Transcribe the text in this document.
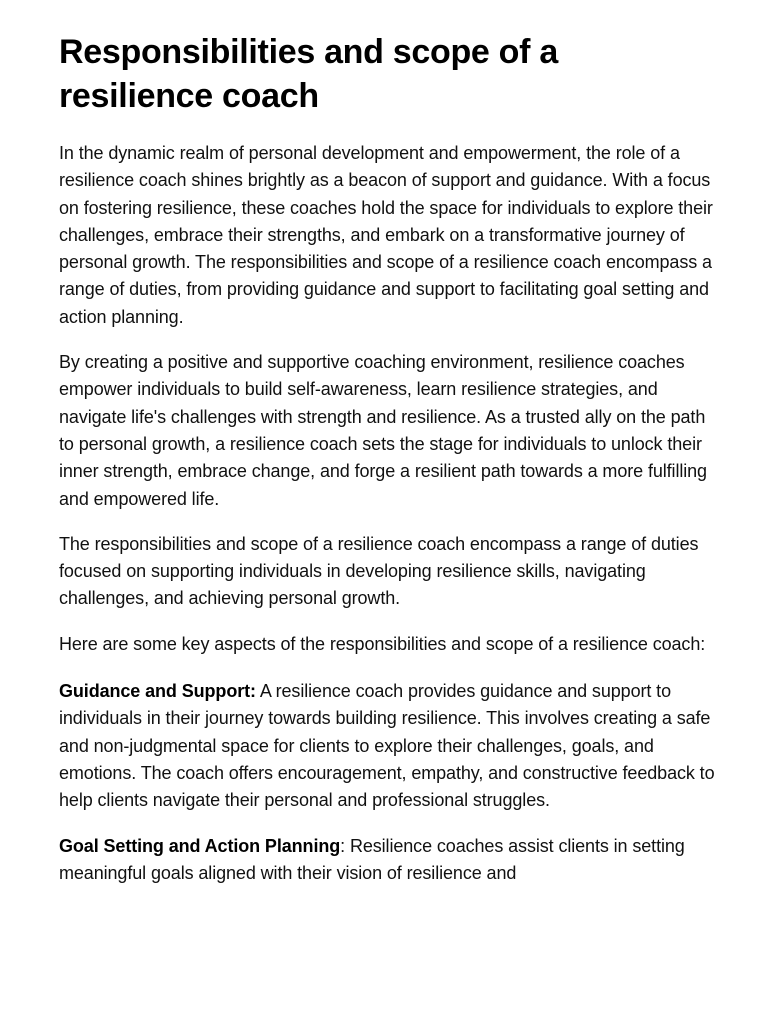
Responsibilities and scope of a resilience coach

In the dynamic realm of personal development and empowerment, the role of a resilience coach shines brightly as a beacon of support and guidance. With a focus on fostering resilience, these coaches hold the space for individuals to explore their challenges, embrace their strengths, and embark on a transformative journey of personal growth. The responsibilities and scope of a resilience coach encompass a range of duties, from providing guidance and support to facilitating goal setting and action planning.

By creating a positive and supportive coaching environment, resilience coaches empower individuals to build self-awareness, learn resilience strategies, and navigate life's challenges with strength and resilience. As a trusted ally on the path to personal growth, a resilience coach sets the stage for individuals to unlock their inner strength, embrace change, and forge a resilient path towards a more fulfilling and empowered life.

The responsibilities and scope of a resilience coach encompass a range of duties focused on supporting individuals in developing resilience skills, navigating challenges, and achieving personal growth.

Here are some key aspects of the responsibilities and scope of a resilience coach:

Guidance and Support: A resilience coach provides guidance and support to individuals in their journey towards building resilience. This involves creating a safe and non-judgmental space for clients to explore their challenges, goals, and emotions. The coach offers encouragement, empathy, and constructive feedback to help clients navigate their personal and professional struggles.

Goal Setting and Action Planning: Resilience coaches assist clients in setting meaningful goals aligned with their vision of resilience and
